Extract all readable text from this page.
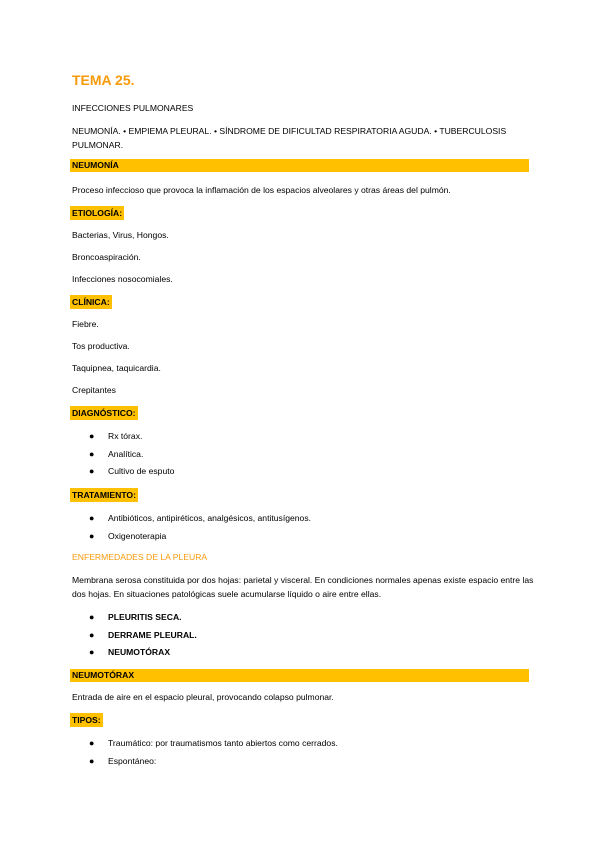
TEMA 25.
INFECCIONES PULMONARES
NEUMONÍA. • EMPIEMA PLEURAL. • SÍNDROME DE DIFICULTAD RESPIRATORIA AGUDA. • TUBERCULOSIS PULMONAR.
NEUMONÍA
Proceso infeccioso que provoca la inflamación de los espacios alveolares y otras áreas del pulmón.
ETIOLOGÍA:
Bacterias, Virus, Hongos.
Broncoaspiración.
Infecciones nosocomiales.
CLÍNICA:
Fiebre.
Tos productiva.
Taquipnea, taquicardia.
Crepitantes
DIAGNÓSTICO:
● Rx tórax.
● Analítica.
● Cultivo de esputo
TRATAMIENTO:
● Antibióticos, antipiréticos, analgésicos, antitusígenos.
● Oxigenoterapia
ENFERMEDADES DE LA PLEURA
Membrana serosa constituida por dos hojas: parietal y visceral. En condiciones normales apenas existe espacio entre las dos hojas. En situaciones patológicas suele acumularse líquido o aire entre ellas.
● PLEURITIS SECA.
● DERRAME PLEURAL.
● NEUMOTÓRAX
NEUMOTÓRAX
Entrada de aire en el espacio pleural, provocando colapso pulmonar.
TIPOS:
● Traumático: por traumatismos tanto abiertos como cerrados.
● Espontáneo:
